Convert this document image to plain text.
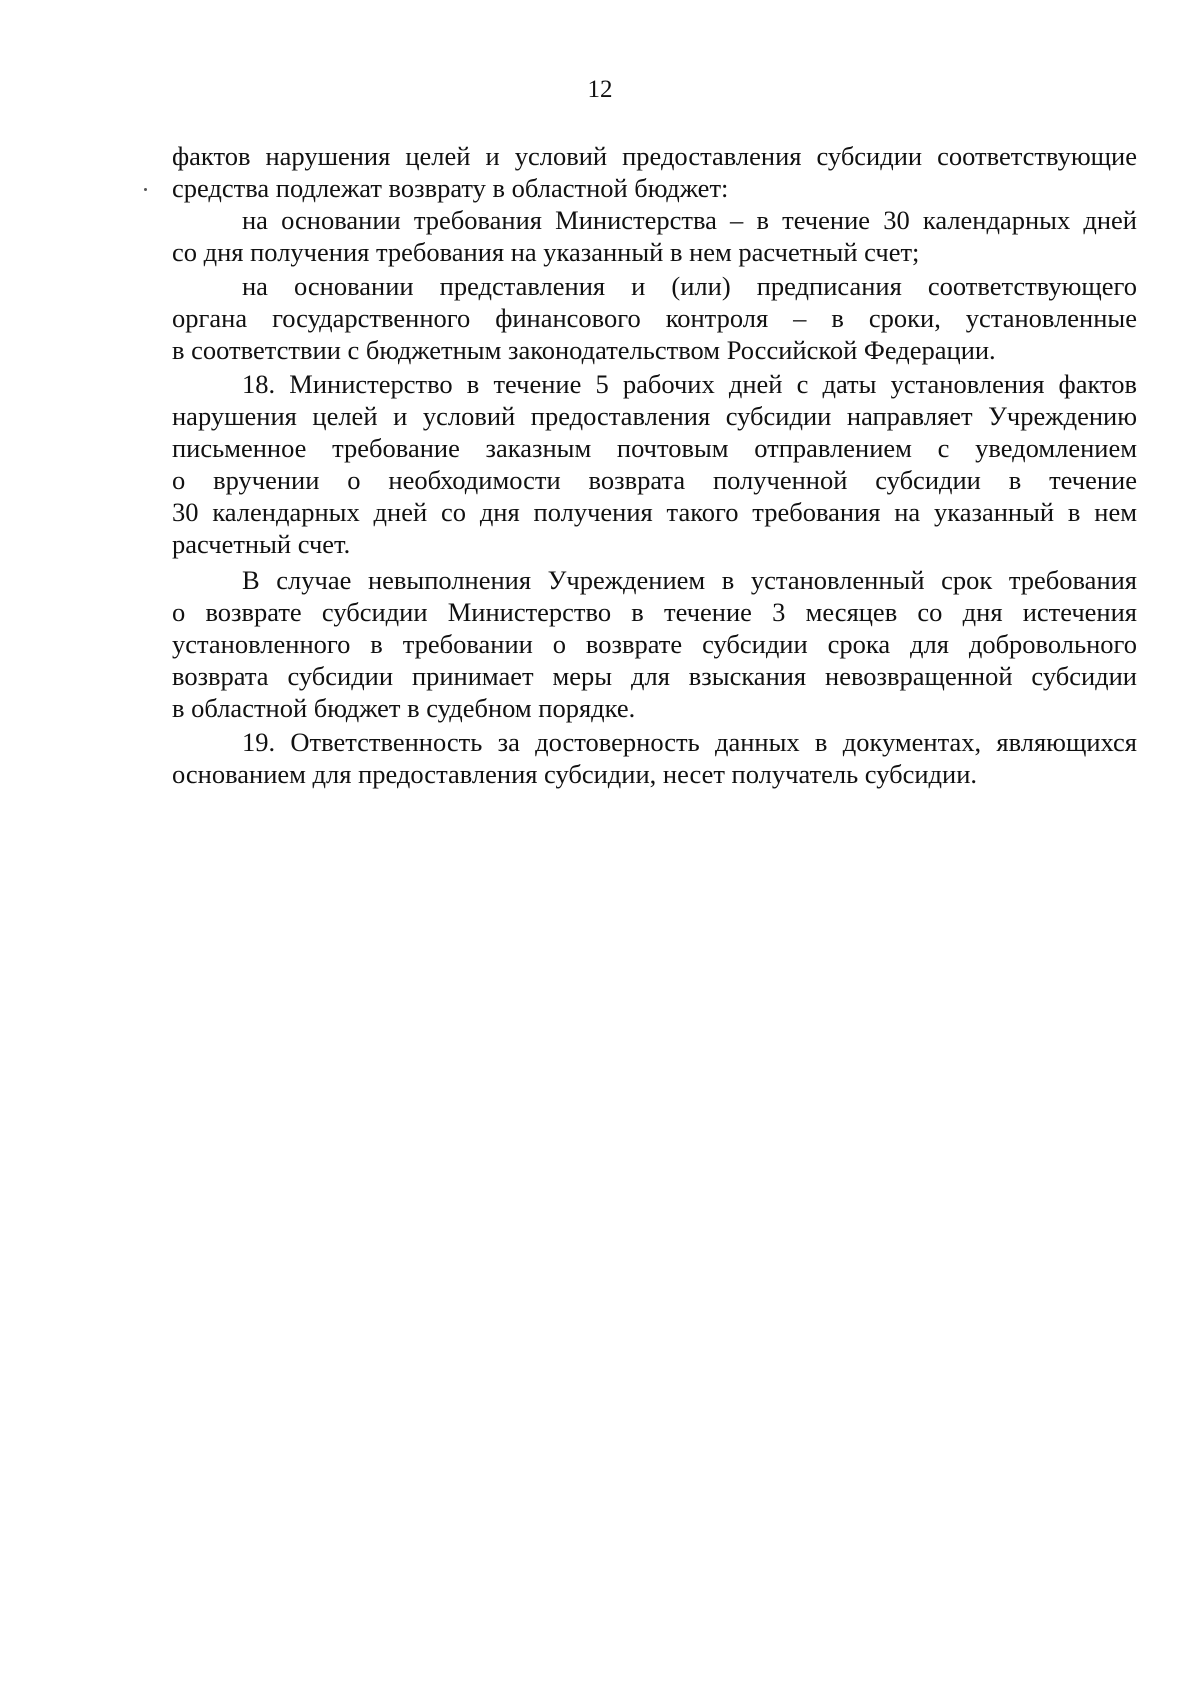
12
фактов нарушения целей и условий предоставления субсидии соответствующие
средства подлежат возврату в областной бюджет:
на основании требования Министерства – в течение 30 календарных дней
со дня получения требования на указанный в нем расчетный счет;
на основании представления и (или) предписания соответствующего
органа государственного финансового контроля – в сроки, установленные
в соответствии с бюджетным законодательством Российской Федерации.
18. Министерство в течение 5 рабочих дней с даты установления фактов
нарушения целей и условий предоставления субсидии направляет Учреждению
письменное требование заказным почтовым отправлением с уведомлением
о вручении о необходимости возврата полученной субсидии в течение
30 календарных дней со дня получения такого требования на указанный в нем
расчетный счет.
В случае невыполнения Учреждением в установленный срок требования
о возврате субсидии Министерство в течение 3 месяцев со дня истечения
установленного в требовании о возврате субсидии срока для добровольного
возврата субсидии принимает меры для взыскания невозвращенной субсидии
в областной бюджет в судебном порядке.
19. Ответственность за достоверность данных в документах, являющихся
основанием для предоставления субсидии, несет получатель субсидии.
